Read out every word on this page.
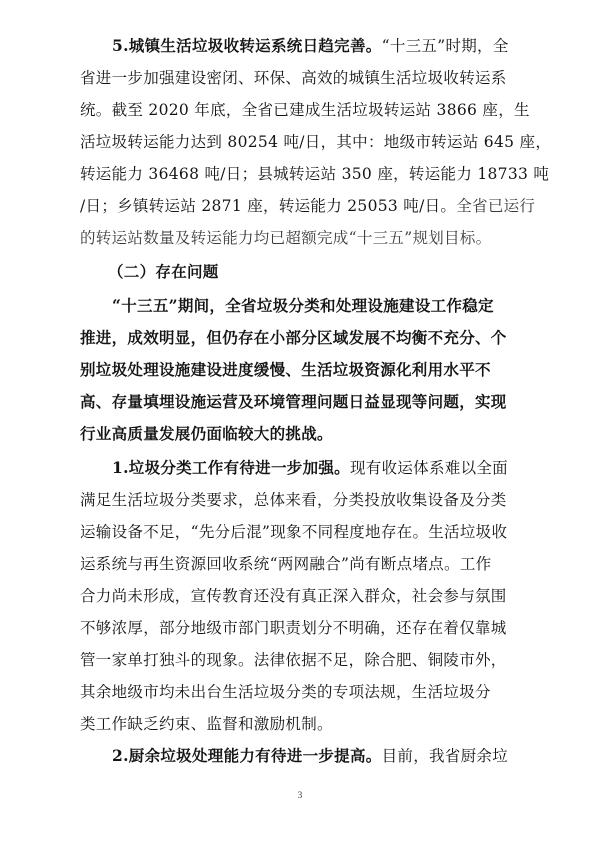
5.城镇生活垃圾收转运系统日趋完善。“十三五”时期，全
省进一步加强建设密闭、环保、高效的城镇生活垃圾收转运系
统。截至 2020 年底，全省已建成生活垃圾转运站 3866 座，生
活垃圾转运能力达到 80254 吨/日，其中：地级市转运站 645 座，
转运能力 36468 吨/日；县城转运站 350 座，转运能力 18733 吨
/日；乡镇转运站 2871 座，转运能力 25053 吨/日。全省已运行
的转运站数量及转运能力均已超额完成“十三五”规划目标。
（二）存在问题
“十三五”期间，全省垃圾分类和处理设施建设工作稳定
推进，成效明显，但仍存在小部分区域发展不均衡不充分、个
别垃圾处理设施建设进度缓慢、生活垃圾资源化利用水平不
高、存量填埋设施运营及环境管理问题日益显现等问题，实现
行业高质量发展仍面临较大的挑战。
1.垃圾分类工作有待进一步加强。现有收运体系难以全面
满足生活垃圾分类要求，总体来看，分类投放收集设备及分类
运输设备不足，“先分后混”现象不同程度地存在。生活垃圾收
运系统与再生资源回收系统“两网融合”尚有断点堵点。工作
合力尚未形成，宣传教育还没有真正深入群众，社会参与氛围
不够浓厚，部分地级市部门职责划分不明确，还存在着仅靠城
管一家单打独斗的现象。法律依据不足，除合肥、铜陵市外，
其余地级市均未出台生活垃圾分类的专项法规，生活垃圾分
类工作缺乏约束、监督和激励机制。
2.厨余垃圾处理能力有待进一步提高。目前，我省厨余垃
3
